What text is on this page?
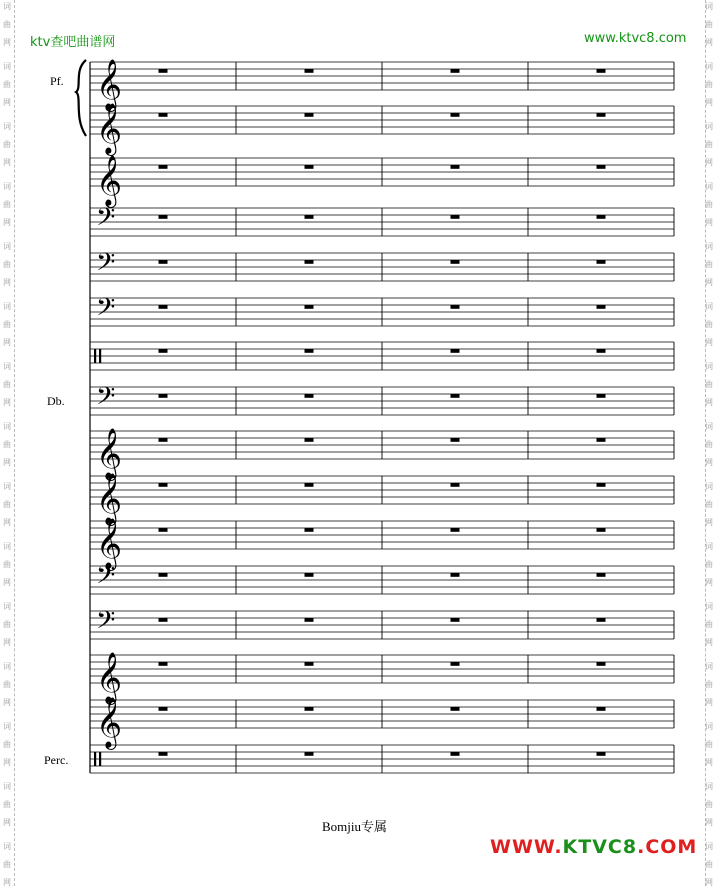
ktv查吧曲谱网	www.ktvc8.com
Pf.
Db.
Perc.
𝄞
𝄞
𝄞
𝄢
𝄢
𝄢
𝄢
𝄞
𝄞
𝄞
𝄢
𝄢
𝄞
𝄞
Bomjiu专属
WWW.KTVC8.COM
词
曲
网
词
曲
网
词
曲
网
词
曲
网
词
曲
网
词
曲
网
词
曲
网
词
曲
网
词
曲
网
词
曲
网
词
曲
网
词
曲
网
词
曲
网
词
曲
网
词
曲
网
词
曲
网
词
曲
网
词
曲
网
词
曲
网
词
曲
网
词
曲
网
词
曲
网
词
曲
网
词
曲
网
词
曲
网
词
曲
网
词
曲
网
词
曲
网
词
曲
网
词
曲
网
